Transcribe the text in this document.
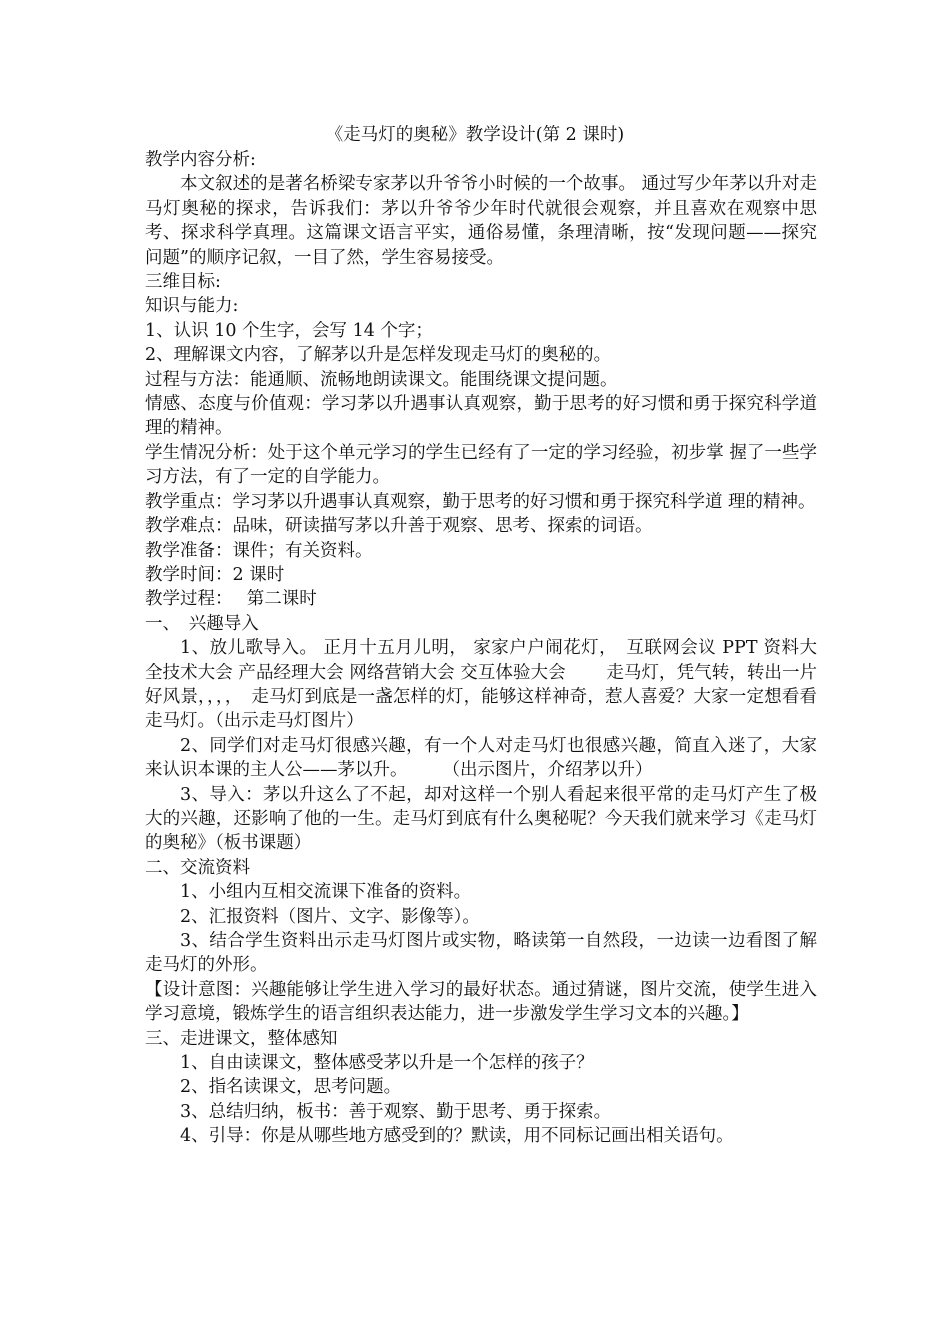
《走马灯的奥秘》教学设计(第 2 课时)

教学内容分析:

本文叙述的是著名桥梁专家茅以升爷爷小时候的一个故事。 通过写少年茅以升对走马灯奥秘的探求，告诉我们：茅以升爷爷少年时代就很会观察，并且喜欢在观察中思考、探求科学真理。这篇课文语言平实，通俗易懂，条理清晰，按“发现问题——探究问题”的顺序记叙，一目了然，学生容易接受。

三维目标:

知识与能力:

1、认识 10 个生字，会写 14 个字；

2、理解课文内容，了解茅以升是怎样发现走马灯的奥秘的。

过程与方法：能通顺、流畅地朗读课文。能围绕课文提问题。

情感、态度与价值观：学习茅以升遇事认真观察，勤于思考的好习惯和勇于探究科学道理的精神。

学生情况分析：处于这个单元学习的学生已经有了一定的学习经验，初步掌 握了一些学习方法，有了一定的自学能力。

教学重点：学习茅以升遇事认真观察，勤于思考的好习惯和勇于探究科学道 理的精神。

教学难点：品味，研读描写茅以升善于观察、思考、探索的词语。

教学准备：课件；有关资料。

教学时间：2 课时

教学过程：　 第二课时

一、　兴趣导入

1、放儿歌导入。 正月十五月儿明， 家家户户闹花灯，　互联网会议 PPT 资料大全技术大会 产品经理大会 网络营销大会 交互体验大会　　 走马灯，凭气转，转出一片好风景，，，，　走马灯到底是一盏怎样的灯，能够这样神奇，惹人喜爱？大家一定想看看走马灯。（出示走马灯图片）

2、同学们对走马灯很感兴趣，有一个人对走马灯也很感兴趣，简直入迷了，大家来认识本课的主人公——茅以升。　　　（出示图片，介绍茅以升）

3、导入：茅以升这么了不起，却对这样一个别人看起来很平常的走马灯产生了极大的兴趣，还影响了他的一生。走马灯到底有什么奥秘呢？今天我们就来学习《走马灯的奥秘》（板书课题）

二、交流资料

1、小组内互相交流课下准备的资料。

2、汇报资料（图片、文字、影像等）。

3、结合学生资料出示走马灯图片或实物，略读第一自然段，一边读一边看图了解走马灯的外形。

【设计意图：兴趣能够让学生进入学习的最好状态。通过猜谜，图片交流，使学生进入学习意境，锻炼学生的语言组织表达能力，进一步激发学生学习文本的兴趣。】

三、走进课文，整体感知

1、自由读课文，整体感受茅以升是一个怎样的孩子？

2、指名读课文，思考问题。

3、总结归纳，板书：善于观察、勤于思考、勇于探索。

4、引导：你是从哪些地方感受到的？默读，用不同标记画出相关语句。
